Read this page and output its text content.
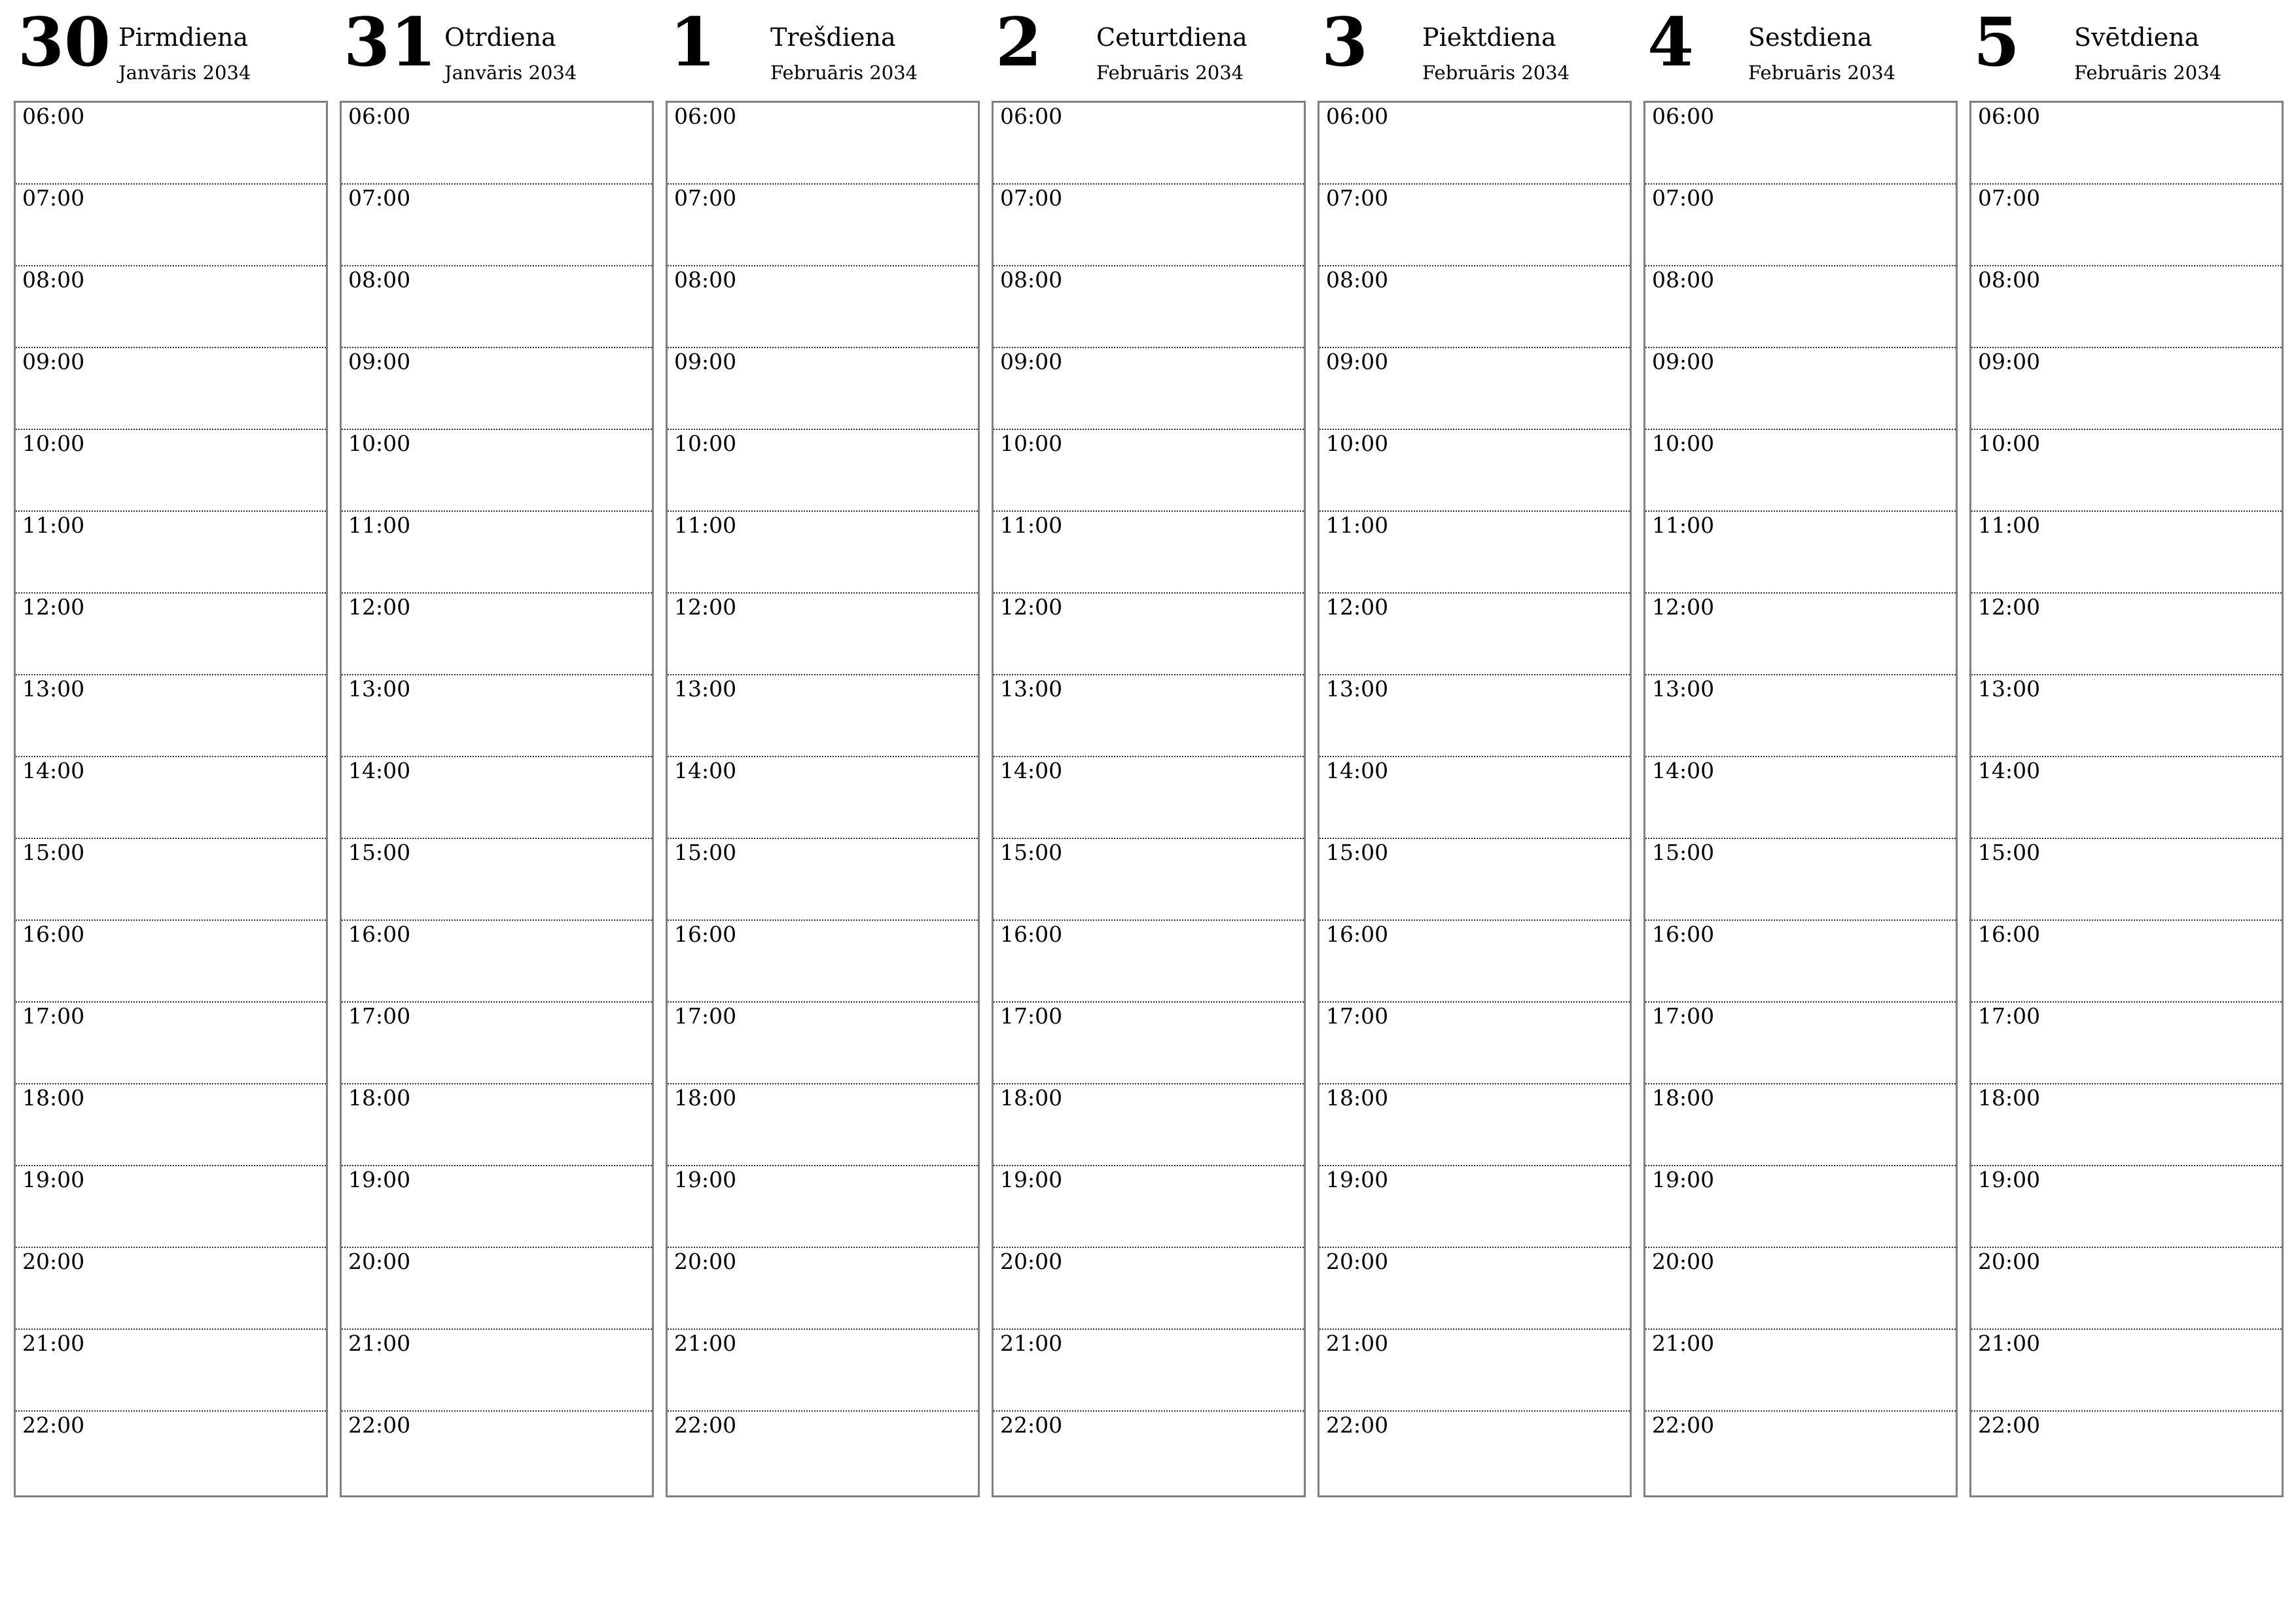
30 Pirmdiena
Janvāris 2034
06:00
07:00
08:00
09:00
10:00
11:00
12:00
13:00
14:00
15:00
16:00
17:00
18:00
19:00
20:00
21:00
22:00
31 Otrdiena
Janvāris 2034
06:00
07:00
08:00
09:00
10:00
11:00
12:00
13:00
14:00
15:00
16:00
17:00
18:00
19:00
20:00
21:00
22:00
1 Trešdiena
Februāris 2034
06:00
07:00
08:00
09:00
10:00
11:00
12:00
13:00
14:00
15:00
16:00
17:00
18:00
19:00
20:00
21:00
22:00
2 Ceturtdiena
Februāris 2034
06:00
07:00
08:00
09:00
10:00
11:00
12:00
13:00
14:00
15:00
16:00
17:00
18:00
19:00
20:00
21:00
22:00
3 Piektdiena
Februāris 2034
06:00
07:00
08:00
09:00
10:00
11:00
12:00
13:00
14:00
15:00
16:00
17:00
18:00
19:00
20:00
21:00
22:00
4 Sestdiena
Februāris 2034
06:00
07:00
08:00
09:00
10:00
11:00
12:00
13:00
14:00
15:00
16:00
17:00
18:00
19:00
20:00
21:00
22:00
5 Svētdiena
Februāris 2034
06:00
07:00
08:00
09:00
10:00
11:00
12:00
13:00
14:00
15:00
16:00
17:00
18:00
19:00
20:00
21:00
22:00
